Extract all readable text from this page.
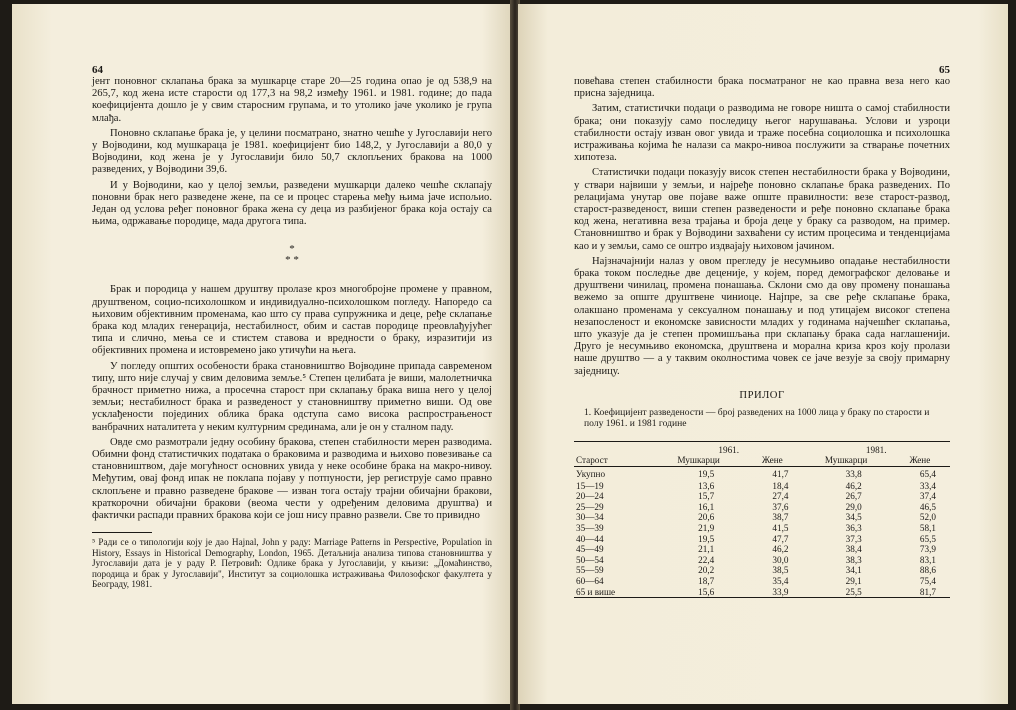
64

јент поновног склапања брака за мушкарце старе 20—25 година опао је од 538,9 на 265,7, код жена исте старости од 177,3 на 98,2 између 1961. и 1981. године; до пада коефицијента дошло је у свим старосним групама, и то утолико јаче уколико је група млађа.

Поновно склапање брака је, у целини посматрано, знатно чешће у Југославији него у Војводини, код мушкараца је 1981. коефицијент био 148,2, у Југославији а 80,0 у Војводини, код жена је у Југославији било 50,7 склопљених бракова на 1000 разведених, у Војводини 39,6.

И у Војводини, као у целој земљи, разведени мушкарци далеко чешће склапају поновни брак него разведене жене, па се и процес старења међу њима јаче испољио. Један од услова ређег поновног брака жена су деца из разбијеног брака која остају са њима, одржавање породице, мада другога типа.

*
* *

Брак и породица у нашем друштву пролазе кроз многобројне промене у правном, друштвеном, социо-психолошком и индивидуално-психолошком погледу. Напоредо са њиховим објективним променама, као што су права супружника и деце, ређе склапање брака код младих генерација, нестабилност, обим и састав породице преовлађујућег типа и слично, мења се и стистем ставова и вредности о браку, изразитији из објективних промена и истовремено јако утичући на њега.

У погледу општих особености брака становништво Војводине припада савременом типу, што није случај у свим деловима земље.⁵ Степен целибата је виши, малолетничка брачност приметно нижа, а просечна старост при склапању брака виша него у целој земљи; нестабилност брака и разведеност у становништву приметно виши. Од ове усклађености појединих облика брака одступа само висока распрострањеност ванбрачних наталитета у неким културним срединама, али је он у сталном паду.

Овде смо размотрали једну особину бракова, степен стабилности мерен разводима. Обимни фонд статистичких података о браковима и разводима и њихово повезивање са становништвом, даје могућност основних увида у неке особине брака на макро-нивоу. Међутим, овај фонд ипак не поклапа појаву у потпуности, јер региструје само правно склопљене и правно разведене бракове — изван тога остају трајни обичајни бракови, краткорочни обичајни бракови (веома чести у одређеним деловима друштва) и фактички распади правних бракова који се још нису правно развели. Све то привидно

⁵ Ради се о типологији коју је дао Hajnal, John у раду: Marriage Patterns in Perspective, Population in History, Essays in Historical Demography, London, 1965. Детаљнија анализа типова становништва у Југославији дата је у раду Р. Петровић: Одлике брака у Југославији, у књизи: „Домаћинство, породица и брак у Југославији", Институт за социолошка истраживања Филозофског факултета у Београду, 1981.
65

повећава степен стабилности брака посматраног не као правна веза него као присна заједница.

Затим, статистички подаци о разводима не говоре ништа о самој стабилности брака; они показују само последицу његог нарушавања. Услови и узроци стабилности остају изван овог увида и траже посебна социолошка и психолошка истраживања којима ће налази са макро-нивоа послужити за стварање почетних хипотеза.

Статистички подаци показују висок степен нестабилности брака у Војводини, у ствари највиши у земљи, и најређе поновно склапање брака разведених. По релацијама унутар ове појаве важе опште правилности: везе старост-развод, старост-разведеност, виши степен разведености и ређе поновно склапање брака код жена, негативна веза трајања и броја деце у браку са разводом, на пример. Становништво и брак у Војводини захваћени су истим процесима и тенденцијама као и у земљи, само се оштро издвајају њиховом јачином.

Најзначајнији налаз у овом прегледу је несумњиво опадање нестабилности брака током последње две деценије, у којем, поред демографског деловање и друштвени чинилац, промена понашања. Склони смо да ову промену понашања вежемо за опште друштвене чиниоце. Најпре, за све ређе склапање брака, олакшано променама у сексуалном понашању и под утицајем високог степена незапосленост и економске зависности младих у годинама најчешћег склапања, што указује да је степен промишљања при склапању брака сада наглашенији. Друго је несумњиво економска, друштвена и морална криза кроз коју пролази наше друштво — а у таквим околностима човек се јаче везује за своју примарну заједницу.

ПРИЛОГ
1. Коефицијент разведености — број разведених на 1000 лица у браку по старости и полу 1961. и 1981 године
	1961.		1981.	
Старост	Мушкарци	Жене	Мушкарци	Жене
Укупно	19,5	41,7	33,8	65,4
15—19	13,6	18,4	46,2	33,4
20—24	15,7	27,4	26,7	37,4
25—29	16,1	37,6	29,0	46,5
30—34	20,6	38,7	34,5	52,0
35—39	21,9	41,5	36,3	58,1
40—44	19,5	47,7	37,3	65,5
45—49	21,1	46,2	38,4	73,9
50—54	22,4	30,0	38,3	83,1
55—59	20,2	38,5	34,1	88,6
60—64	18,7	35,4	29,1	75,4
65 и више	15,6	33,9	25,5	81,7
